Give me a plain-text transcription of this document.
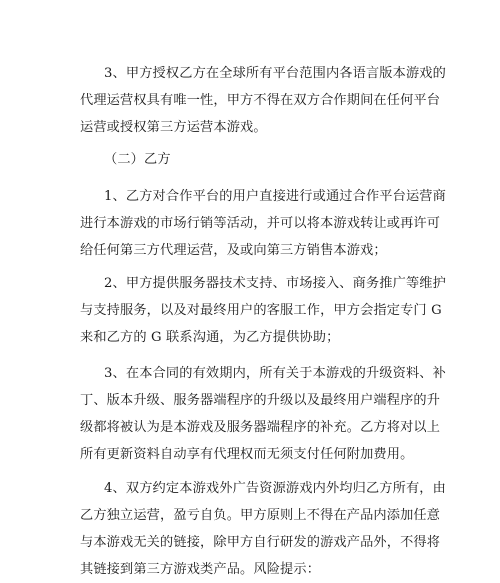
3、甲方授权乙方在全球所有平台范围内各语言版本游戏的
代理运营权具有唯一性，甲方不得在双方合作期间在任何平台
运营或授权第三方运营本游戏。
（二）乙方
1、乙方对合作平台的用户直接进行或通过合作平台运营商
进行本游戏的市场行销等活动，并可以将本游戏转让或再许可
给任何第三方代理运营，及或向第三方销售本游戏；
2、甲方提供服务器技术支持、市场接入、商务推广等维护
与支持服务，以及对最终用户的客服工作，甲方会指定专门 G
来和乙方的 G 联系沟通，为乙方提供协助；
3、在本合同的有效期内，所有关于本游戏的升级资料、补
丁、版本升级、服务器端程序的升级以及最终用户端程序的升
级都将被认为是本游戏及服务器端程序的补充。乙方将对以上
所有更新资料自动享有代理权而无须支付任何附加费用。
4、双方约定本游戏外广告资源游戏内外均归乙方所有，由
乙方独立运营，盈亏自负。甲方原则上不得在产品内添加任意
与本游戏无关的链接，除甲方自行研发的游戏产品外，不得将
其链接到第三方游戏类产品。风险提示：
